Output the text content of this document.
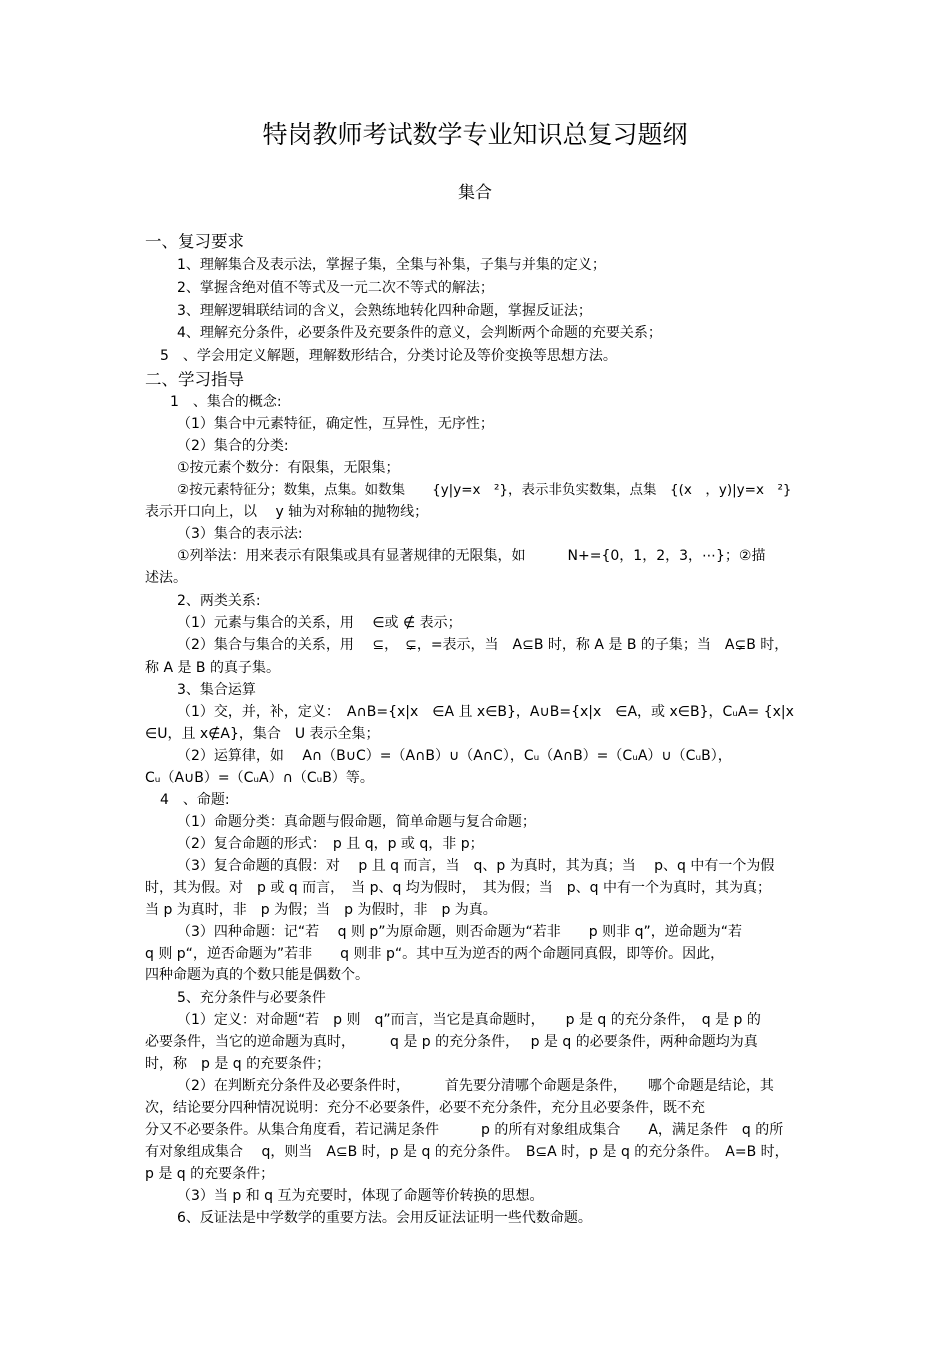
特岗教师考试数学专业知识总复习题纲
集合
一、复习要求
1、理解集合及表示法，掌握子集，全集与补集，子集与并集的定义；
2、掌握含绝对值不等式及一元二次不等式的解法；
3、理解逻辑联结词的含义，会熟练地转化四种命题，掌握反证法；
4、理解充分条件，必要条件及充要条件的意义，会判断两个命题的充要关系；
5　、学会用定义解题，理解数形结合，分类讨论及等价变换等思想方法。
二、学习指导
1　、集合的概念:
（1）集合中元素特征，确定性，互异性，无序性；
（2）集合的分类:
①按元素个数分：有限集，无限集；
②按元素特征分；数集，点集。如数集　　{y|y=x　²}，表示非负实数集，点集　{(x　，y)|y=x　²}
表示开口向上，以　 y 轴为对称轴的抛物线；
（3）集合的表示法:
①列举法：用来表示有限集或具有显著规律的无限集，如　　　N+={0，1，2，3，⋯}；②描
述法。
2、两类关系:
（1）元素与集合的关系，用　 ∈或 ∉ 表示；
（2）集合与集合的关系，用　 ⊆，　⊊，=表示，当　A⊆B 时，称 A 是 B 的子集；当　A⊊B 时，
称 A 是 B 的真子集。
3、集合运算
（1）交，并，补，定义：　A∩B={x|x　∈A 且 x∈B}，A∪B={x|x　∈A，或 x∈B}，CᵤA= {x|x
∈U，且 x∉A}，集合　U 表示全集；
（2）运算律，如　 A∩（B∪C）=（A∩B）∪（A∩C），Cᵤ（A∩B）=（CᵤA）∪（CᵤB），
Cᵤ（A∪B）=（CᵤA）∩（CᵤB）等。
4　、命题:
（1）命题分类：真命题与假命题，简单命题与复合命题；
（2）复合命题的形式：　p 且 q，p 或 q，非 p；
（3）复合命题的真假：对　 p 且 q 而言，当　q、p 为真时，其为真；当　 p、q 中有一个为假
时，其为假。对　p 或 q 而言，　当 p、q 均为假时，　其为假；当　p、q 中有一个为真时，其为真；
当 p 为真时，非　p 为假；当　p 为假时，非　p 为真。
（3）四种命题：记“若　 q 则 p”为原命题，则否命题为“若非　　p 则非 q”，逆命题为“若
q 则 p“，逆否命题为”若非　　q 则非 p“。其中互为逆否的两个命题同真假，即等价。因此，
四种命题为真的个数只能是偶数个。
5、充分条件与必要条件
（1）定义：对命题“若　p 则　q”而言，当它是真命题时，　　p 是 q 的充分条件，　q 是 p 的
必要条件，当它的逆命题为真时，　　　q 是 p 的充分条件，　 p 是 q 的必要条件，两种命题均为真
时，称　p 是 q 的充要条件；
（2）在判断充分条件及必要条件时，　　　首先要分清哪个命题是条件，　　哪个命题是结论，其
次，结论要分四种情况说明：充分不必要条件，必要不充分条件，充分且必要条件，既不充
分又不必要条件。从集合角度看，若记满足条件　　　p 的所有对象组成集合　　A，满足条件　q 的所
有对象组成集合　 q，则当　A⊆B 时，p 是 q 的充分条件。　B⊆A 时，p 是 q 的充分条件。　A=B 时，
p 是 q 的充要条件；
（3）当 p 和 q 互为充要时，体现了命题等价转换的思想。
6、反证法是中学数学的重要方法。会用反证法证明一些代数命题。
